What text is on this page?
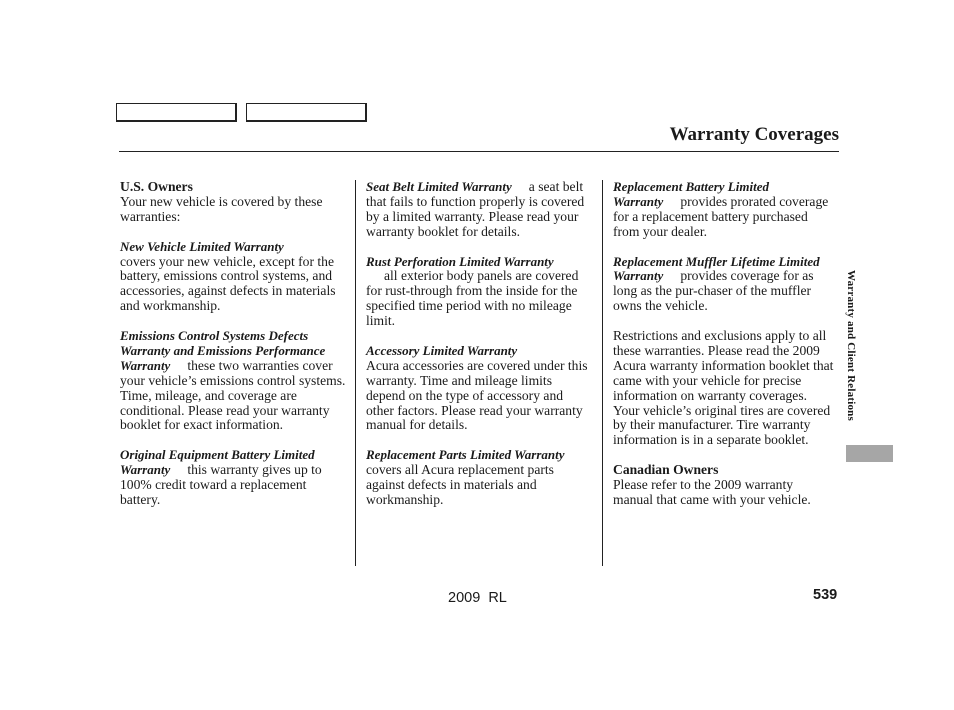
Warranty Coverages
U.S. Owners
Your new vehicle is covered by these warranties:
New Vehicle Limited Warranty
covers your new vehicle, except for the battery, emissions control systems, and accessories, against defects in materials and workmanship.
Emissions Control Systems Defects Warranty and Emissions Performance Warranty these two warranties cover your vehicle’s emissions control systems. Time, mileage, and coverage are conditional. Please read your warranty booklet for exact information.
Original Equipment Battery Limited Warranty this warranty gives up to 100% credit toward a replacement battery.
Seat Belt Limited Warranty a seat belt that fails to function properly is covered by a limited warranty. Please read your warranty booklet for details.
Rust Perforation Limited Warranty
all exterior body panels are covered for rust-through from the inside for the specified time period with no mileage limit.
Accessory Limited Warranty
Acura accessories are covered under this warranty. Time and mileage limits depend on the type of accessory and other factors. Please read your warranty manual for details.
Replacement Parts Limited Warranty     covers all Acura replacement parts against defects in materials and workmanship.
Replacement Battery Limited Warranty provides prorated coverage for a replacement battery purchased from your dealer.
Replacement Muffler Lifetime Limited Warranty provides coverage for as long as the pur-chaser of the muffler owns the vehicle.
Restrictions and exclusions apply to all these warranties. Please read the 2009 Acura warranty information booklet that came with your vehicle for precise information on warranty coverages. Your vehicle’s original tires are covered by their manufacturer. Tire warranty information is in a separate booklet.
Canadian Owners
Please refer to the 2009 warranty manual that came with your vehicle.
Warranty and Client Relations
2009  RL	539
